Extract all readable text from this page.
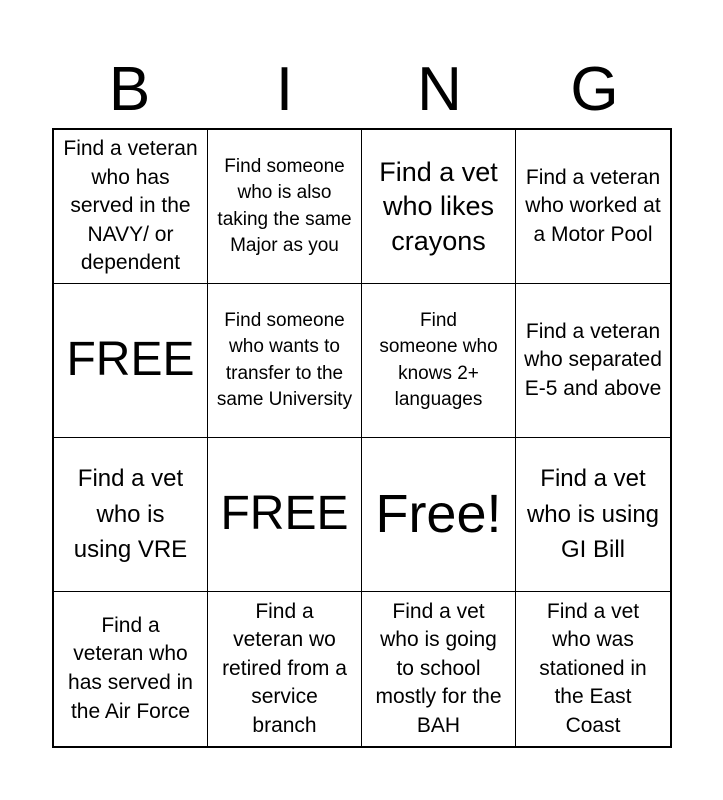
B	I	N	G
Find a veteran who has served in the NAVY/ or dependent
Find someone who is also taking the same Major as you
Find a vet who likes crayons
Find a veteran who worked at a Motor Pool
FREE
Find someone who wants to transfer to the same University
Find someone who knows 2+ languages
Find a veteran who separated E-5 and above
Find a vet who is using VRE
FREE Free!
Find a vet who is using GI Bill
Find a veteran who has served in the Air Force
Find a veteran wo retired from a service branch
Find a vet who is going to school mostly for the BAH
Find a vet who was stationed in the East Coast
